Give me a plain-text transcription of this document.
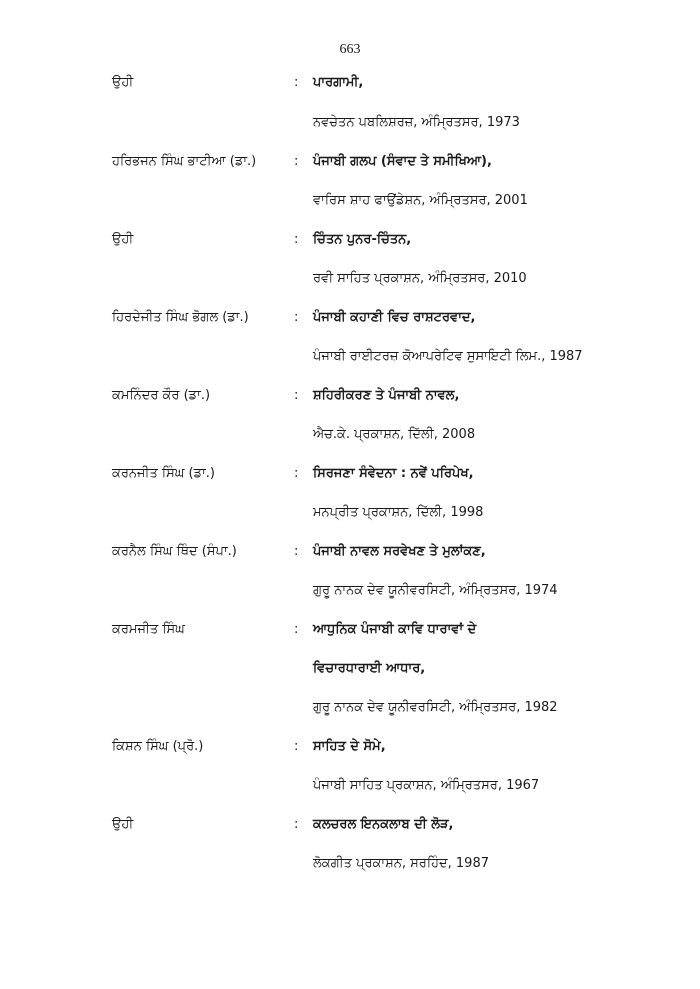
663
ਉਹੀ	: ਪਾਰਗਾਮੀ,
ਨਵਚੇਤਨ ਪਬਲਿਸ਼ਰਜ਼, ਅੰਮ੍ਰਿਤਸਰ, 1973
ਹਰਿਭਜਨ ਸਿੰਘ ਭਾਟੀਆ (ਡਾ.)	: ਪੰਜਾਬੀ ਗਲਪ (ਸੰਵਾਦ ਤੇ ਸਮੀਖਿਆ),
ਵਾਰਿਸ ਸ਼ਾਹ ਫਾਉਂਡੇਸ਼ਨ, ਅੰਮ੍ਰਿਤਸਰ, 2001
ਉਹੀ	: ਚਿੰਤਨ ਪੁਨਰ-ਚਿੰਤਨ,
ਰਵੀ ਸਾਹਿਤ ਪ੍ਰਕਾਸ਼ਨ, ਅੰਮ੍ਰਿਤਸਰ, 2010
ਹਿਰਦੇਜੀਤ ਸਿੰਘ ਭੋਗਲ (ਡਾ.)	: ਪੰਜਾਬੀ ਕਹਾਣੀ ਵਿਚ ਰਾਸ਼ਟਰਵਾਦ,
ਪੰਜਾਬੀ ਰਾਈਟਰਜ਼ ਕੋਆਪਰੇਟਿਵ ਸੁਸਾਇਟੀ ਲਿਮ., 1987
ਕਮਨਿੰਦਰ ਕੌਰ (ਡਾ.)	: ਸ਼ਹਿਰੀਕਰਣ ਤੇ ਪੰਜਾਬੀ ਨਾਵਲ,
ਐਚ.ਕੇ. ਪ੍ਰਕਾਸ਼ਨ, ਦਿੱਲੀ, 2008
ਕਰਨਜੀਤ ਸਿੰਘ (ਡਾ.)	: ਸਿਰਜਣਾ ਸੰਵੇਦਨਾ : ਨਵੇਂ ਪਰਿਪੇਖ,
ਮਨਪ੍ਰੀਤ ਪ੍ਰਕਾਸ਼ਨ, ਦਿੱਲੀ, 1998
ਕਰਨੈਲ ਸਿੰਘ ਥਿੰਦ (ਸੰਪਾ.)	: ਪੰਜਾਬੀ ਨਾਵਲ ਸਰਵੇਖਣ ਤੇ ਮੁਲਾਂਕਣ,
ਗੁਰੂ ਨਾਨਕ ਦੇਵ ਯੂਨੀਵਰਸਿਟੀ, ਅੰਮ੍ਰਿਤਸਰ, 1974
ਕਰਮਜੀਤ ਸਿੰਘ	: ਆਧੁਨਿਕ ਪੰਜਾਬੀ ਕਾਵਿ ਧਾਰਾਵਾਂ ਦੇ
ਵਿਚਾਰਧਾਰਾਈ ਆਧਾਰ,
ਗੁਰੂ ਨਾਨਕ ਦੇਵ ਯੂਨੀਵਰਸਿਟੀ, ਅੰਮ੍ਰਿਤਸਰ, 1982
ਕਿਸ਼ਨ ਸਿੰਘ (ਪ੍ਰੋ.)	: ਸਾਹਿਤ ਦੇ ਸੋਮੇ,
ਪੰਜਾਬੀ ਸਾਹਿਤ ਪ੍ਰਕਾਸ਼ਨ, ਅੰਮ੍ਰਿਤਸਰ, 1967
ਉਹੀ	: ਕਲਚਰਲ ਇਨਕਲਾਬ ਦੀ ਲੋੜ,
ਲੋਕਗੀਤ ਪ੍ਰਕਾਸ਼ਨ, ਸਰਹਿੰਦ, 1987
